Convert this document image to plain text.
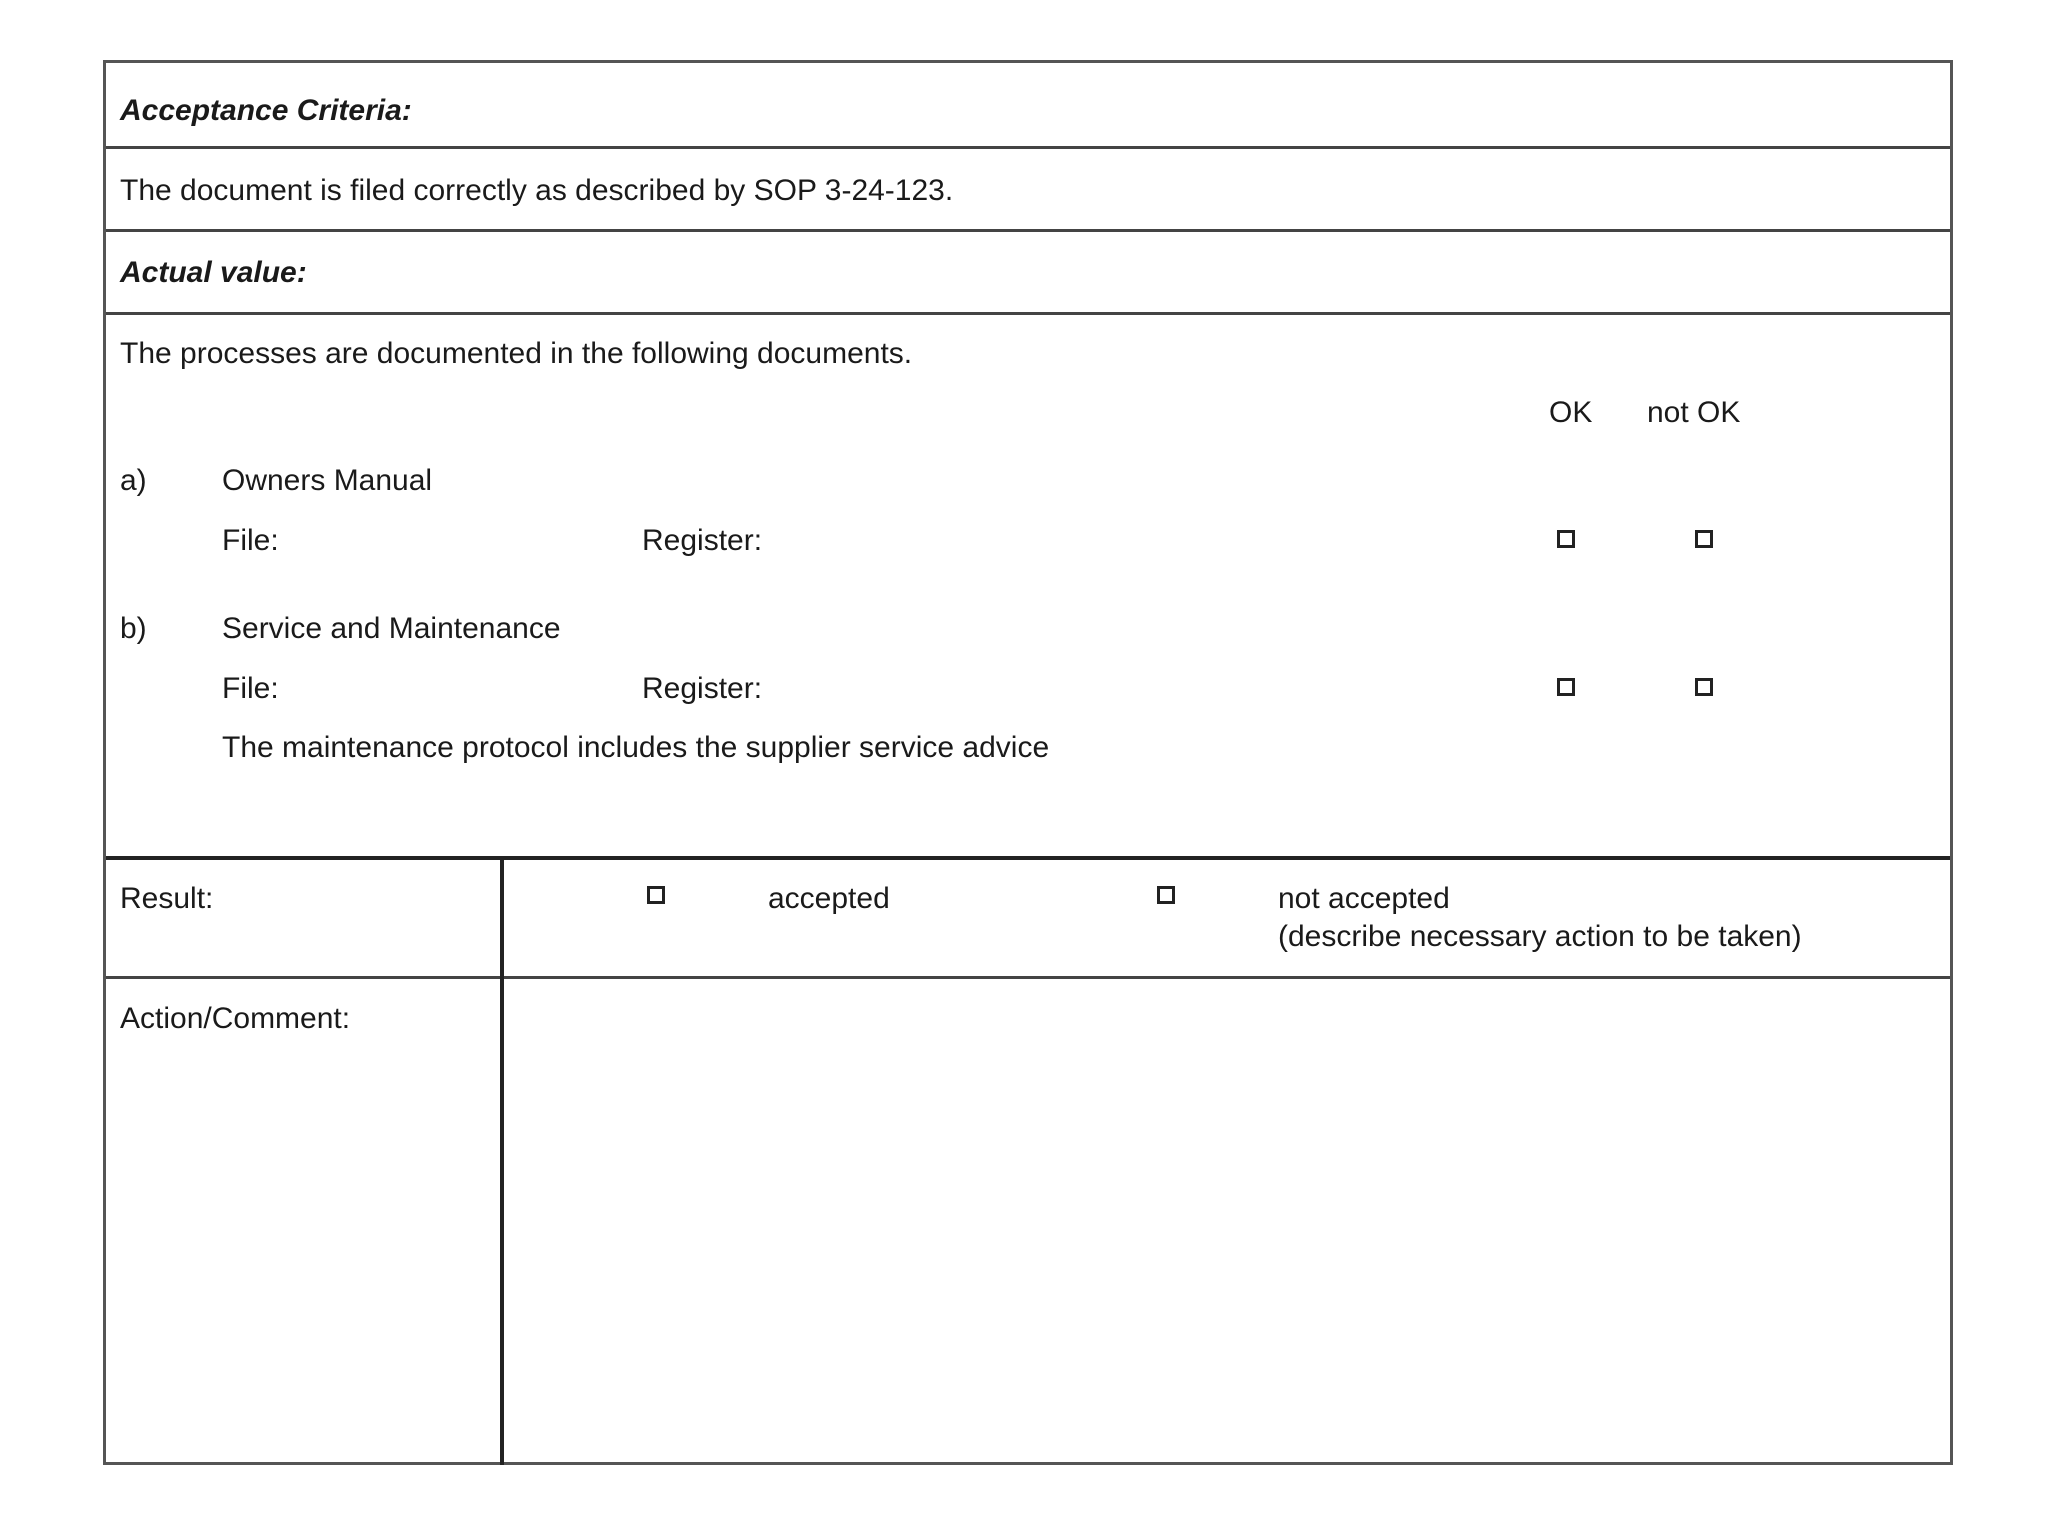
Acceptance Criteria:
The document is filed correctly as described by SOP 3-24-123.
Actual value:
The processes are documented in the following documents.
OK not OK
a)	Owners Manual
File:	Register:
b)	Service and Maintenance
File:	Register:
The maintenance protocol includes the supplier service advice
Result:	accepted	not accepted
(describe necessary action to be taken)
Action/Comment:
